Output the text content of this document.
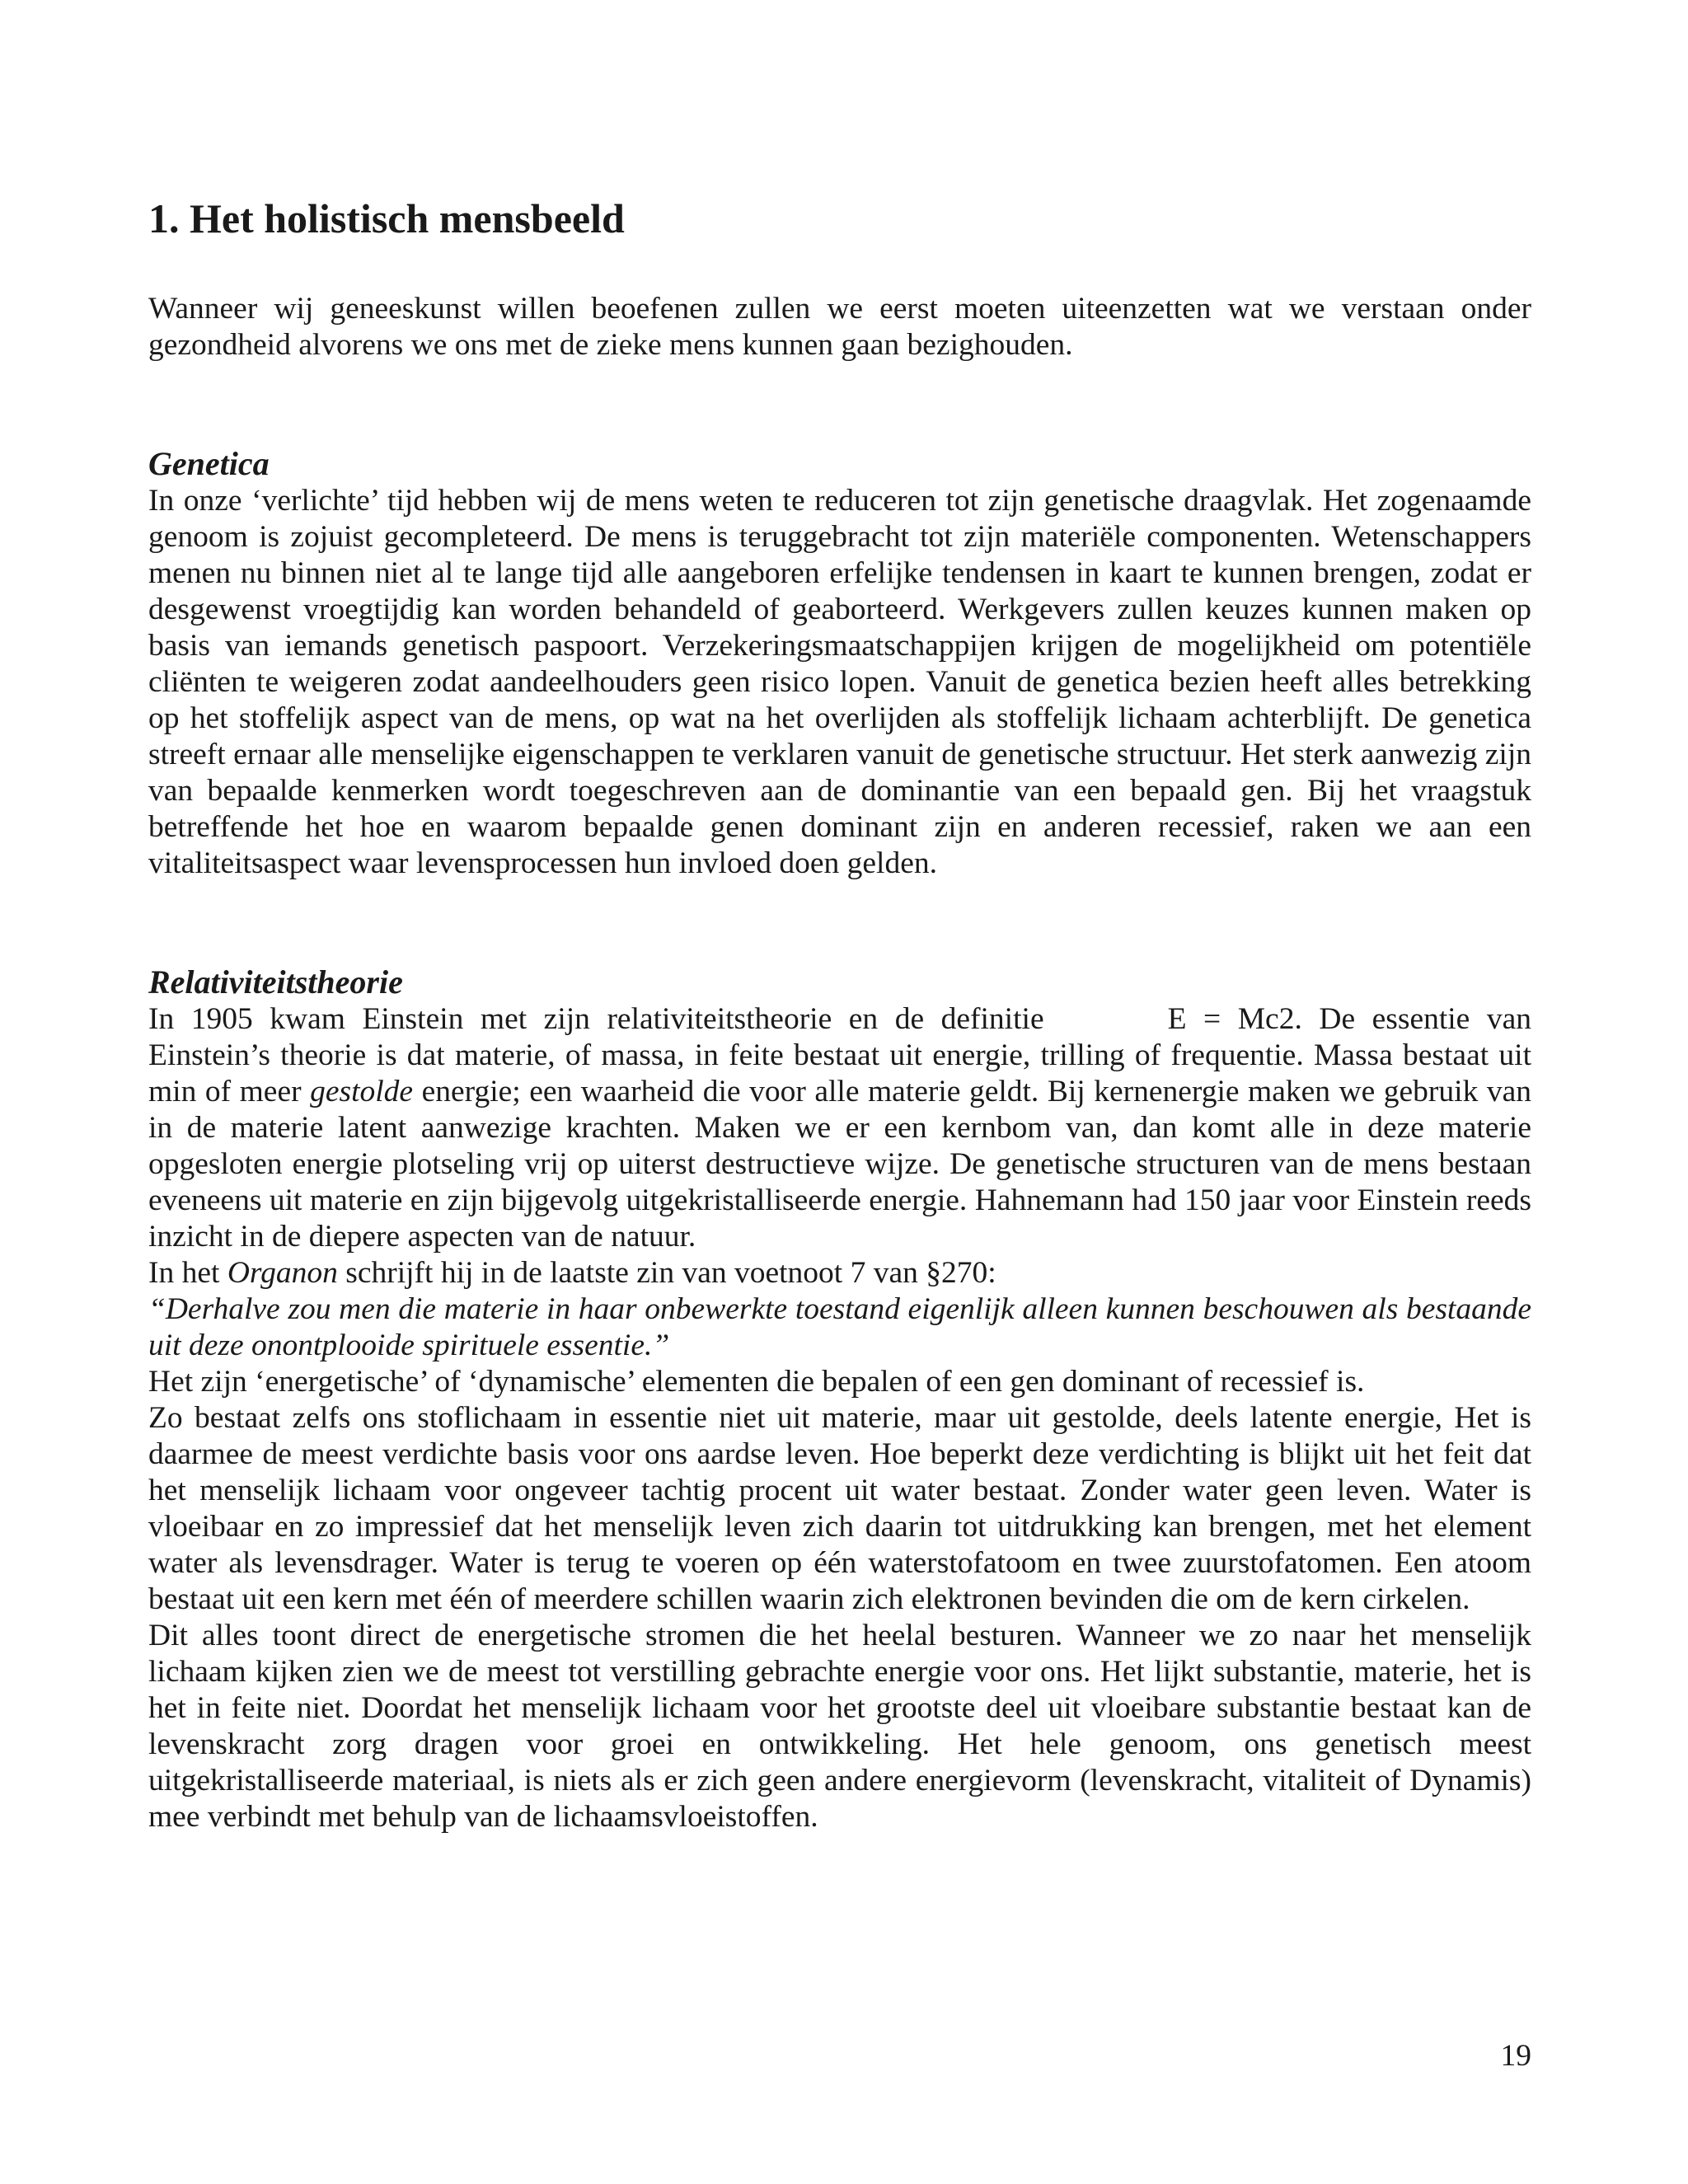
1. Het holistisch mensbeeld

Wanneer wij geneeskunst willen beoefenen zullen we eerst moeten uiteenzetten wat we verstaan onder gezondheid alvorens we ons met de zieke mens kunnen gaan bezighouden.

Genetica

In onze ‘verlichte’ tijd hebben wij de mens weten te reduceren tot zijn genetische draagvlak. Het zogenaamde genoom is zojuist gecompleteerd. De mens is teruggebracht tot zijn materiële componenten. Wetenschappers menen nu binnen niet al te lange tijd alle aangeboren erfelijke tendensen in kaart te kunnen brengen, zodat er desgewenst vroegtijdig kan worden behandeld of geaborteerd. Werkgevers zullen keuzes kunnen maken op basis van iemands genetisch paspoort. Verzekeringsmaatschappijen krijgen de mogelijkheid om potentiële cliënten te weigeren zodat aandeelhouders geen risico lopen. Vanuit de genetica bezien heeft alles betrekking op het stoffelijk aspect van de mens, op wat na het overlijden als stoffelijk lichaam achterblijft. De genetica streeft ernaar alle menselijke eigenschappen te verklaren vanuit de genetische structuur. Het sterk aanwezig zijn van bepaalde kenmerken wordt toegeschreven aan de dominantie van een bepaald gen. Bij het vraagstuk betreffende het hoe en waarom bepaalde genen dominant zijn en anderen recessief, raken we aan een vitaliteitsaspect waar levensprocessen hun invloed doen gelden.

Relativiteitstheorie

In 1905 kwam Einstein met zijn relativiteitstheorie en de definitie	E = Mc2. De essentie van Einstein’s theorie is dat materie, of massa, in feite bestaat uit energie, trilling of frequentie. Massa bestaat uit min of meer gestolde energie; een waarheid die voor alle materie geldt. Bij kernenergie maken we gebruik van in de materie latent aanwezige krachten. Maken we er een kernbom van, dan komt alle in deze materie opgesloten energie plotseling vrij op uiterst destructieve wijze. De genetische structuren van de mens bestaan eveneens uit materie en zijn bijgevolg uitgekristalliseerde energie. Hahnemann had 150 jaar voor Einstein reeds inzicht in de diepere aspecten van de natuur.

In het Organon schrijft hij in de laatste zin van voetnoot 7 van §270:

“Derhalve zou men die materie in haar onbewerkte toestand eigenlijk alleen kunnen beschouwen als bestaande uit deze onontplooide spirituele essentie.”

Het zijn ‘energetische’ of ‘dynamische’ elementen die bepalen of een gen dominant of recessief is.

Zo bestaat zelfs ons stoflichaam in essentie niet uit materie, maar uit gestolde, deels latente energie, Het is daarmee de meest verdichte basis voor ons aardse leven. Hoe beperkt deze verdichting is blijkt uit het feit dat het menselijk lichaam voor ongeveer tachtig procent uit water bestaat. Zonder water geen leven. Water is vloeibaar en zo impressief dat het menselijk leven zich daarin tot uitdrukking kan brengen, met het element water als levensdrager. Water is terug te voeren op één waterstofatoom en twee zuurstofatomen. Een atoom bestaat uit een kern met één of meerdere schillen waarin zich elektronen bevinden die om de kern cirkelen.

Dit alles toont direct de energetische stromen die het heelal besturen. Wanneer we zo naar het menselijk lichaam kijken zien we de meest tot verstilling gebrachte energie voor ons. Het lijkt substantie, materie, het is het in feite niet. Doordat het menselijk lichaam voor het grootste deel uit vloeibare substantie bestaat kan de levenskracht zorg dragen voor groei en ontwikkeling. Het hele genoom, ons genetisch meest uitgekristalliseerde materiaal, is niets als er zich geen andere energievorm (levenskracht, vitaliteit of Dynamis) mee verbindt met behulp van de lichaamsvloeistoffen.

19
